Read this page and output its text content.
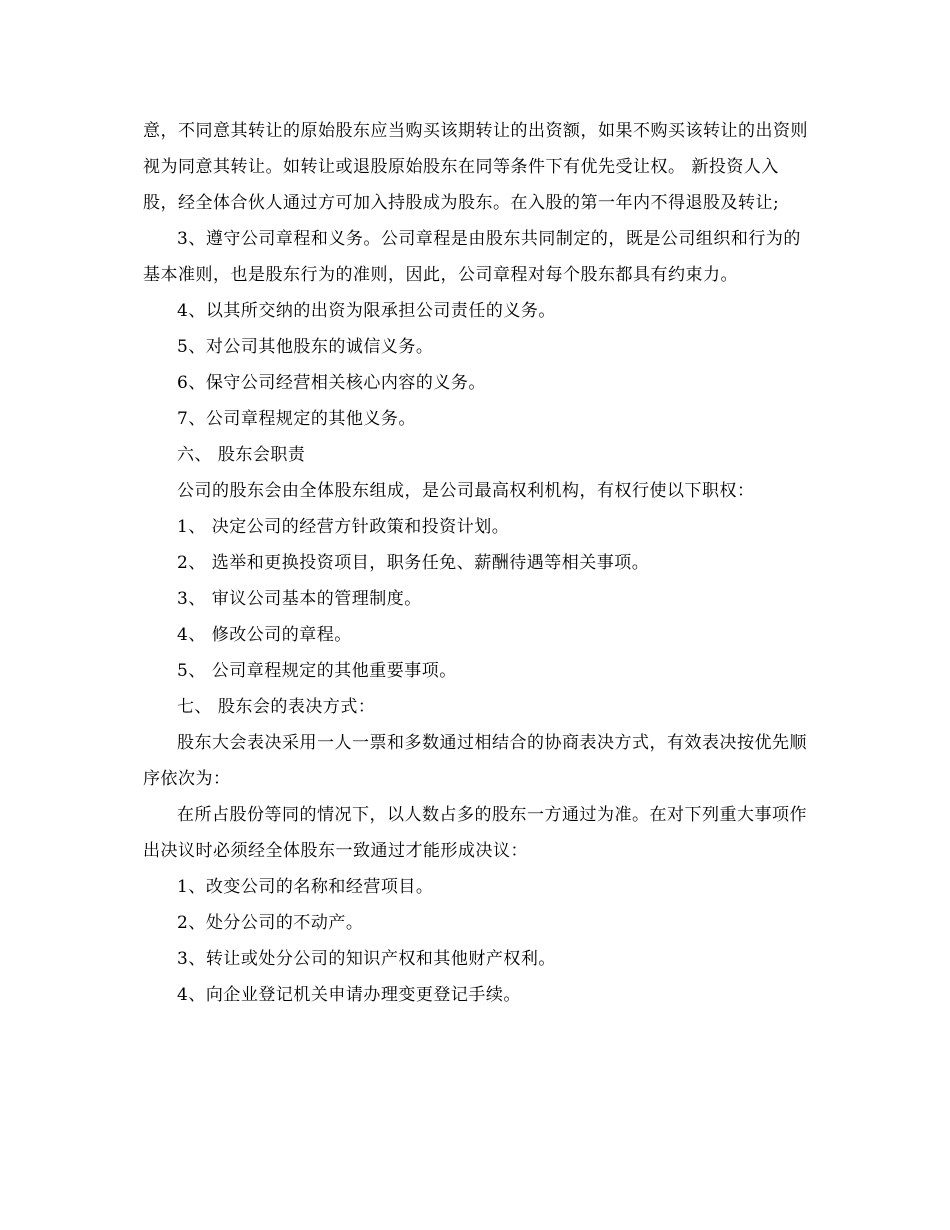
意，不同意其转让的原始股东应当购买该期转让的出资额，如果不购买该转让的出资则视为同意其转让。如转让或退股原始股东在同等条件下有优先受让权。 新投资人入股，经全体合伙人通过方可加入持股成为股东。在入股的第一年内不得退股及转让;

3、遵守公司章程和义务。公司章程是由股东共同制定的，既是公司组织和行为的基本准则，也是股东行为的准则，因此，公司章程对每个股东都具有约束力。

4、以其所交纳的出资为限承担公司责任的义务。

5、对公司其他股东的诚信义务。

6、保守公司经营相关核心内容的义务。

7、公司章程规定的其他义务。

六、 股东会职责

公司的股东会由全体股东组成，是公司最高权利机构，有权行使以下职权：

1、 决定公司的经营方针政策和投资计划。

2、 选举和更换投资项目，职务任免、薪酬待遇等相关事项。

3、 审议公司基本的管理制度。

4、 修改公司的章程。

5、 公司章程规定的其他重要事项。

七、 股东会的表决方式：

股东大会表决采用一人一票和多数通过相结合的协商表决方式，有效表决按优先顺序依次为：

在所占股份等同的情况下，以人数占多的股东一方通过为准。在对下列重大事项作出决议时必须经全体股东一致通过才能形成决议：

1、改变公司的名称和经营项目。

2、处分公司的不动产。

3、转让或处分公司的知识产权和其他财产权利。

4、向企业登记机关申请办理变更登记手续。
